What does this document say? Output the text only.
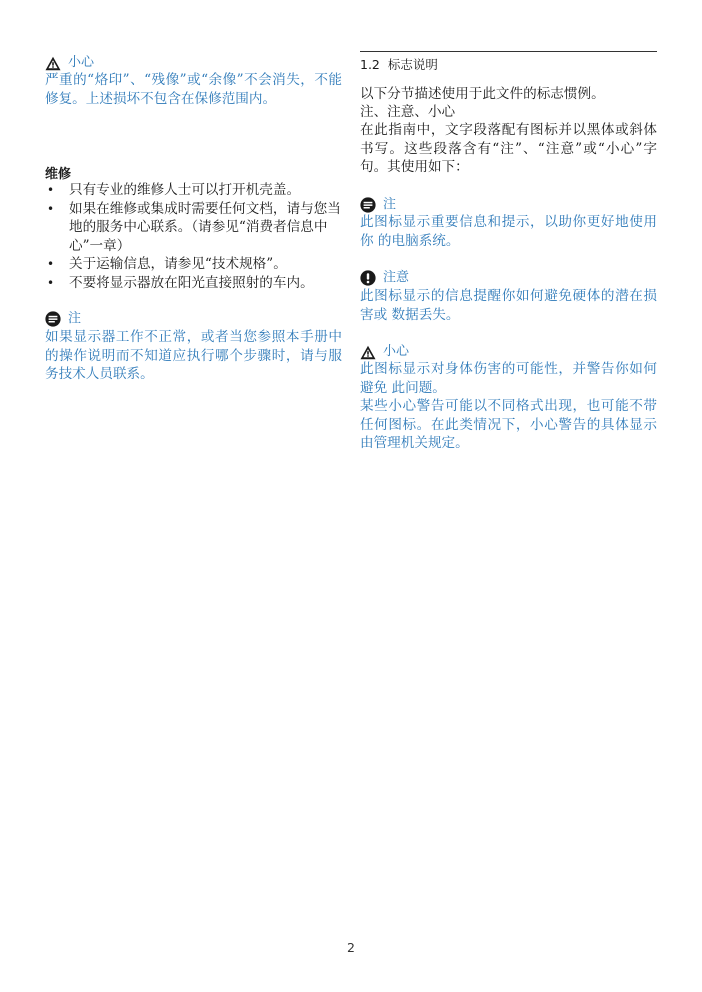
小心
严重的“烙印”、“残像”或“余像”不会消失，不能修复。上述损坏不包含在保修范围内。
维修
• 只有专业的维修人士可以打开机壳盖。
• 如果在维修或集成时需要任何文档，请与您当地的服务中心联系。（请参见“消费者信息中心”一章）
• 关于运输信息，请参见“技术规格”。
• 不要将显示器放在阳光直接照射的车内。
注
如果显示器工作不正常，或者当您参照本手册中的操作说明而不知道应执行哪个步骤时，请与服务技术人员联系。
1.2 标志说明
以下分节描述使用于此文件的标志惯例。
注、注意、小心
在此指南中，文字段落配有图标并以黑体或斜体书写。这些段落含有“注”、“注意”或“小心”字句。其使用如下：
注
此图标显示重要信息和提示，以助你更好地使用你 的电脑系统。
注意
此图标显示的信息提醒你如何避免硬体的潜在损害或 数据丢失。
小心
此图标显示对身体伤害的可能性，并警告你如何避免 此问题。
某些小心警告可能以不同格式出现，也可能不带任何图标。在此类情况下，小心警告的具体显示由管理机关规定。
2
